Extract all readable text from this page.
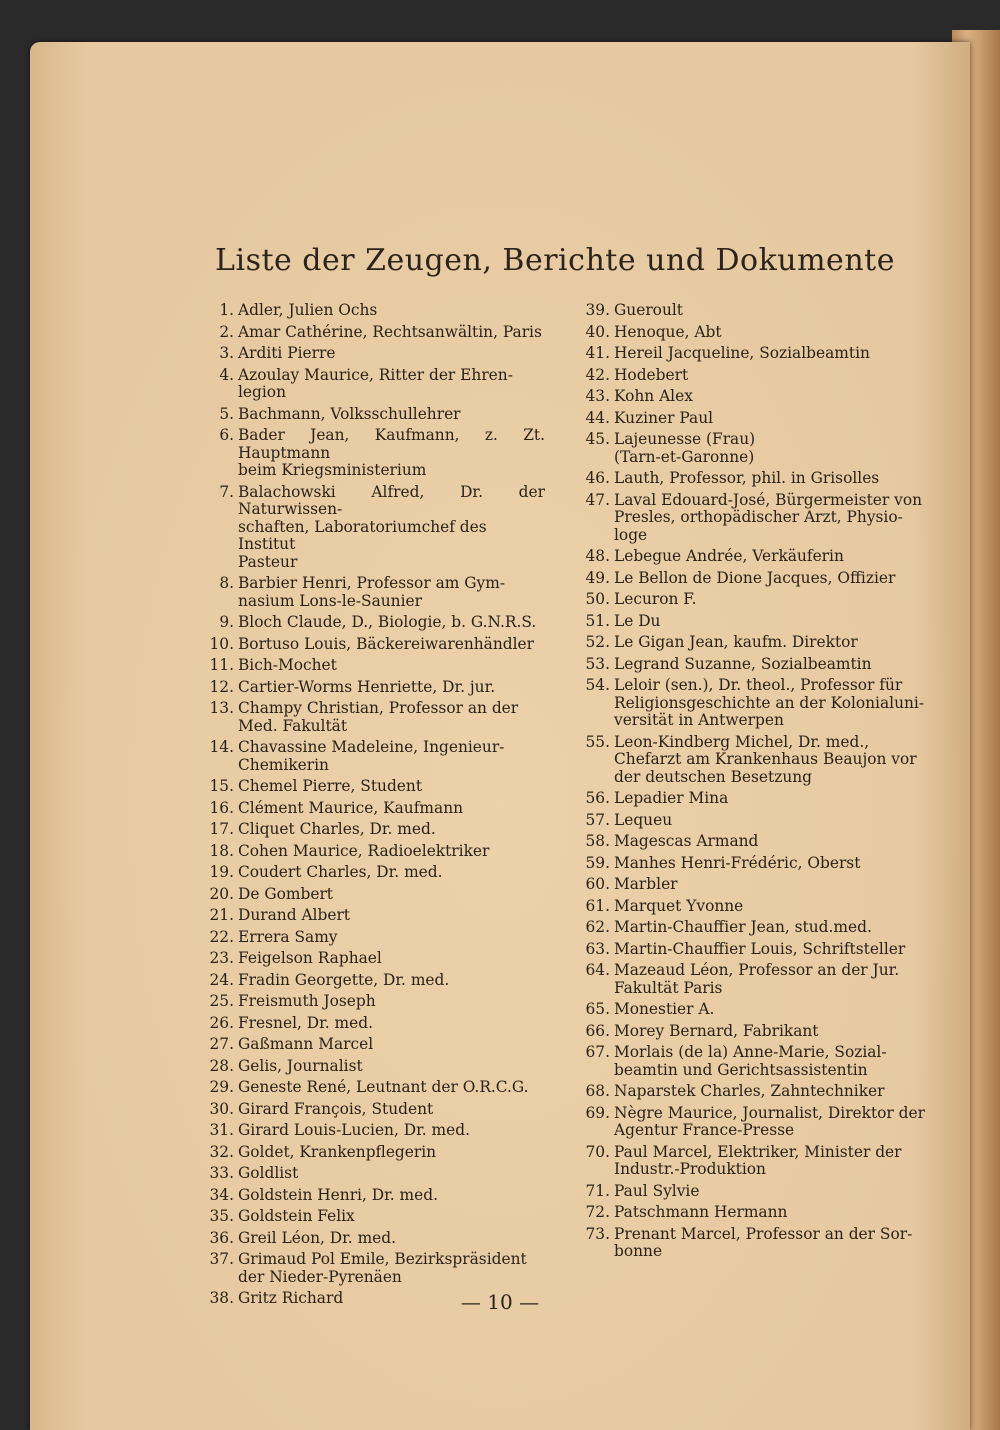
Liste der Zeugen, Berichte und Dokumente
1. Adler, Julien Ochs
2. Amar Cathérine, Rechtsanwältin, Paris
3. Arditi Pierre
4. Azoulay Maurice, Ritter der Ehren-
legion
5. Bachmann, Volksschullehrer
6. Bader Jean, Kaufmann, z. Zt. Hauptmann
beim Kriegsministerium
7. Balachowski Alfred, Dr. der Naturwissen-
schaften, Laboratoriumchef des Institut
Pasteur
8. Barbier Henri, Professor am Gym-
nasium Lons-le-Saunier
9. Bloch Claude, D., Biologie, b. G.N.R.S.
10. Bortuso Louis, Bäckereiwarenhändler
11. Bich-Mochet
12. Cartier-Worms Henriette, Dr. jur.
13. Champy Christian, Professor an der
Med. Fakultät
14. Chavassine Madeleine, Ingenieur-
Chemikerin
15. Chemel Pierre, Student
16. Clément Maurice, Kaufmann
17. Cliquet Charles, Dr. med.
18. Cohen Maurice, Radioelektriker
19. Coudert Charles, Dr. med.
20. De Gombert
21. Durand Albert
22. Errera Samy
23. Feigelson Raphael
24. Fradin Georgette, Dr. med.
25. Freismuth Joseph
26. Fresnel, Dr. med.
27. Gaßmann Marcel
28. Gelis, Journalist
29. Geneste René, Leutnant der O.R.C.G.
30. Girard François, Student
31. Girard Louis-Lucien, Dr. med.
32. Goldet, Krankenpflegerin
33. Goldlist
34. Goldstein Henri, Dr. med.
35. Goldstein Felix
36. Greil Léon, Dr. med.
37. Grimaud Pol Emile, Bezirkspräsident
der Nieder-Pyrenäen
38. Gritz Richard
39. Gueroult
40. Henoque, Abt
41. Hereil Jacqueline, Sozialbeamtin
42. Hodebert
43. Kohn Alex
44. Kuziner Paul
45. Lajeunesse (Frau)
(Tarn-et-Garonne)
46. Lauth, Professor, phil. in Grisolles
47. Laval Edouard-José, Bürgermeister von
Presles, orthopädischer Arzt, Physio-
loge
48. Lebegue Andrée, Verkäuferin
49. Le Bellon de Dione Jacques, Offizier
50. Lecuron F.
51. Le Du
52. Le Gigan Jean, kaufm. Direktor
53. Legrand Suzanne, Sozialbeamtin
54. Leloir (sen.), Dr. theol., Professor für
Religionsgeschichte an der Kolonialuni-
versität in Antwerpen
55. Leon-Kindberg Michel, Dr. med.,
Chefarzt am Krankenhaus Beaujon vor
der deutschen Besetzung
56. Lepadier Mina
57. Lequeu
58. Magescas Armand
59. Manhes Henri-Frédéric, Oberst
60. Marbler
61. Marquet Yvonne
62. Martin-Chauffier Jean, stud.med.
63. Martin-Chauffier Louis, Schriftsteller
64. Mazeaud Léon, Professor an der Jur.
Fakultät Paris
65. Monestier A.
66. Morey Bernard, Fabrikant
67. Morlais (de la) Anne-Marie, Sozial-
beamtin und Gerichtsassistentin
68. Naparstek Charles, Zahntechniker
69. Nègre Maurice, Journalist, Direktor der
Agentur France-Presse
70. Paul Marcel, Elektriker, Minister der
Industr.-Produktion
71. Paul Sylvie
72. Patschmann Hermann
73. Prenant Marcel, Professor an der Sor-
bonne
— 10 —
